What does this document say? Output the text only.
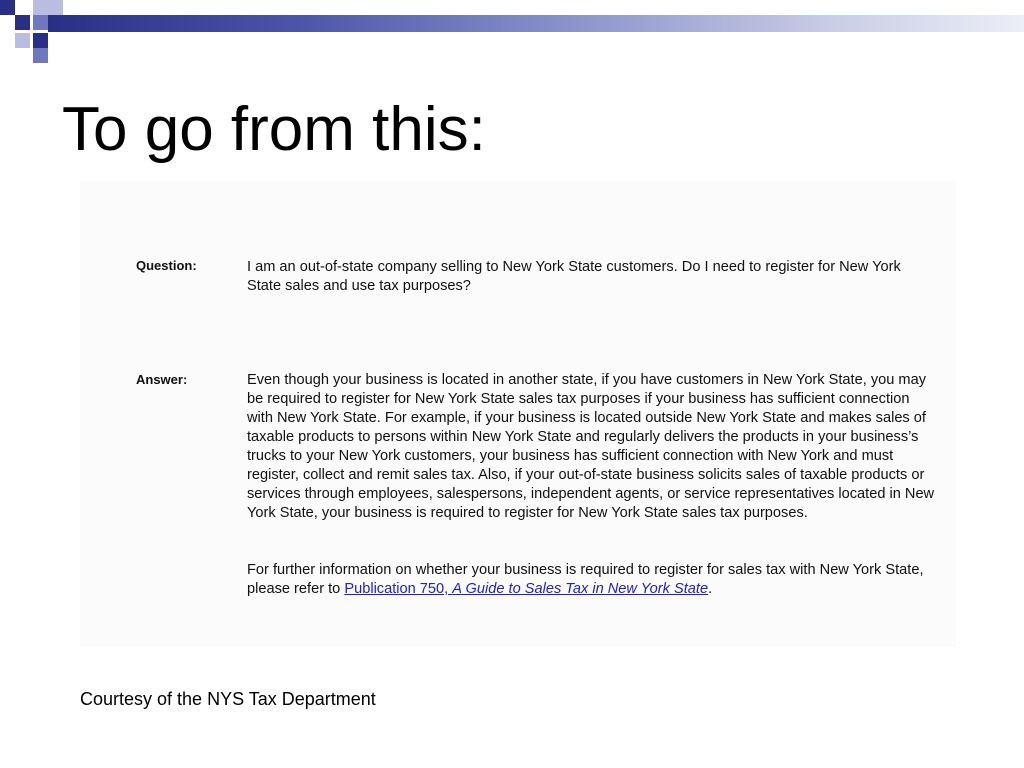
To go from this:
Question:	I am an out-of-state company selling to New York State customers. Do I need to register for New York State sales and use tax purposes?

Answer:	Even though your business is located in another state, if you have customers in New York State, you may be required to register for New York State sales tax purposes if your business has sufficient connection with New York State. For example, if your business is located outside New York State and makes sales of taxable products to persons within New York State and regularly delivers the products in your business’s trucks to your New York customers, your business has sufficient connection with New York and must register, collect and remit sales tax. Also, if your out-of-state business solicits sales of taxable products or services through employees, salespersons, independent agents, or service representatives located in New York State, your business is required to register for New York State sales tax purposes.

For further information on whether your business is required to register for sales tax with New York State, please refer to Publication 750, A Guide to Sales Tax in New York State.

Courtesy of the NYS Tax Department
